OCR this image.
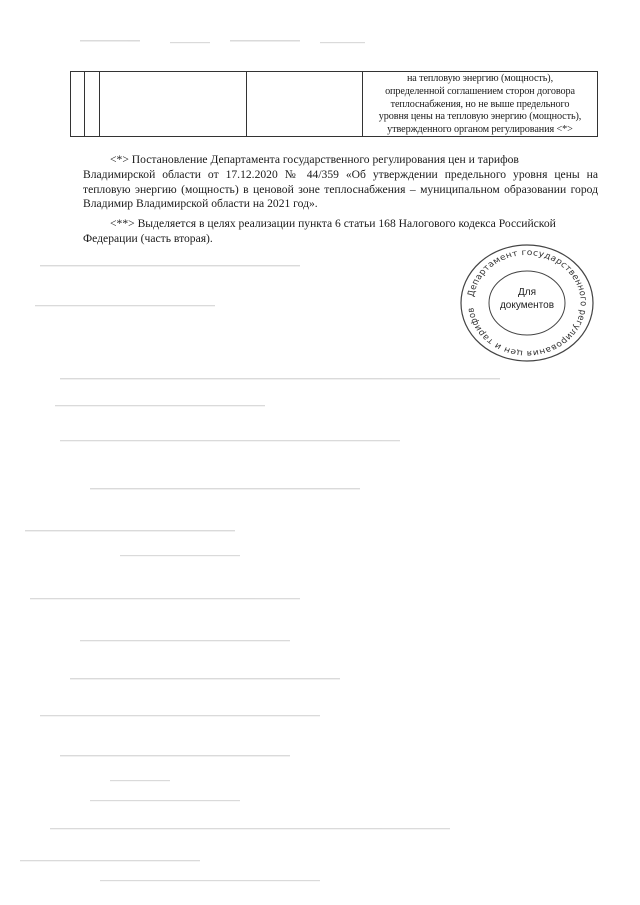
на тепловую энергию (мощность),
определенной соглашением сторон договора
теплоснабжения, но не выше предельного
уровня цены на тепловую энергию (мощность),
утвержденного органом регулирования <*>
<*> Постановление Департамента государственного регулирования цен и тарифов
Владимирской области от 17.12.2020 № 44/359 «Об утверждении предельного уровня цены на тепловую энергию (мощность) в ценовой зоне теплоснабжения – муниципальном образовании город Владимир Владимирской области на 2021 год».
<**> Выделяется в целях реализации пункта 6 статьи 168 Налогового кодекса Российской
Федерации (часть вторая).
Департамент государственного регулирования цен и тарифов
Для
документов
